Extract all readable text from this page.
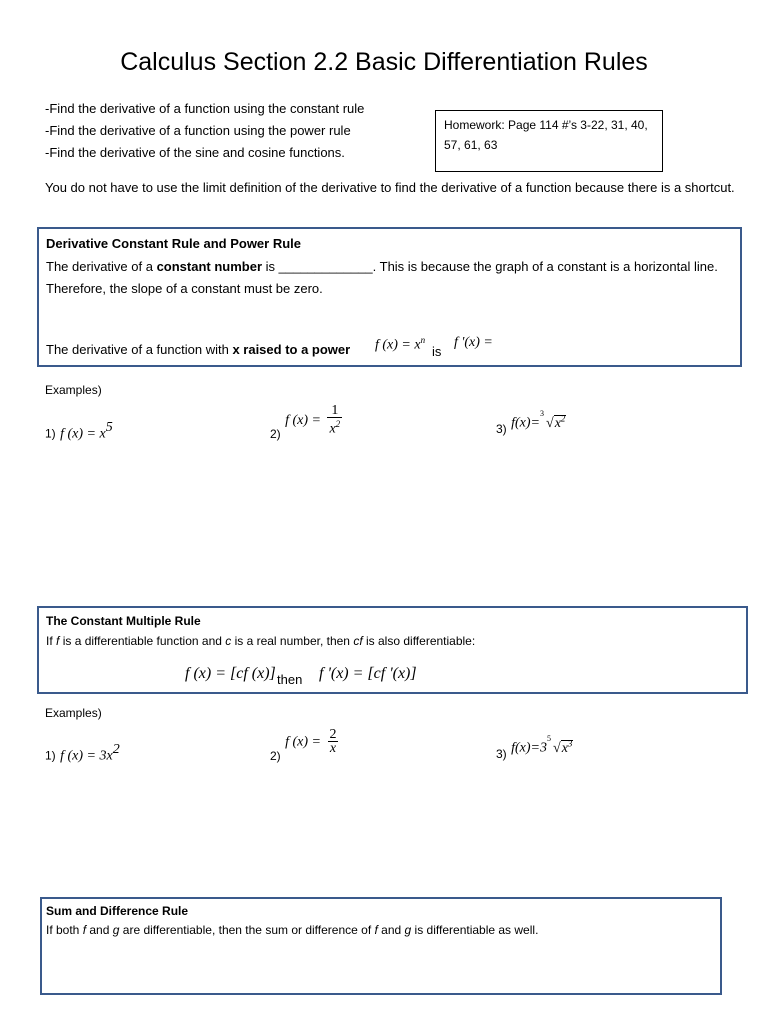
Calculus Section 2.2 Basic Differentiation Rules
-Find the derivative of a function using the constant rule
-Find the derivative of a function using the power rule
-Find the derivative of the sine and cosine functions.
Homework: Page 114 #’s 3-22, 31, 40, 57, 61, 63
You do not have to use the limit definition of the derivative to find the derivative of a function because there is a shortcut.
Derivative Constant Rule and Power Rule
The derivative of a constant number is _____________. This is because the graph of a constant is a horizontal line. Therefore, the slope of a constant must be zero.
The derivative of a function with x raised to a power f $(x) = x^n$
is
f '(x) =
Examples)
1) f $(x) = x^5$	$_{2)}$ f $(x) = \frac{1}{x^2}$	$_{3)}$ f(x)=
3
$√x^2$
The Constant Multiple Rule
If f is a differentiable function and c is a real number, then cf is also differentiable:
f (x) = [cf (x)] then f '(x) = [cf '(x)]
Examples)
1) f $(x) = 3x^2$	$_{2)}$ f $(x) = \frac{2}{x}$	$_{3)}$ f(x)=3
5
$√x^3$
Sum and Difference Rule
If both f and g are differentiable, then the sum or difference of f and g is differentiable as well.
